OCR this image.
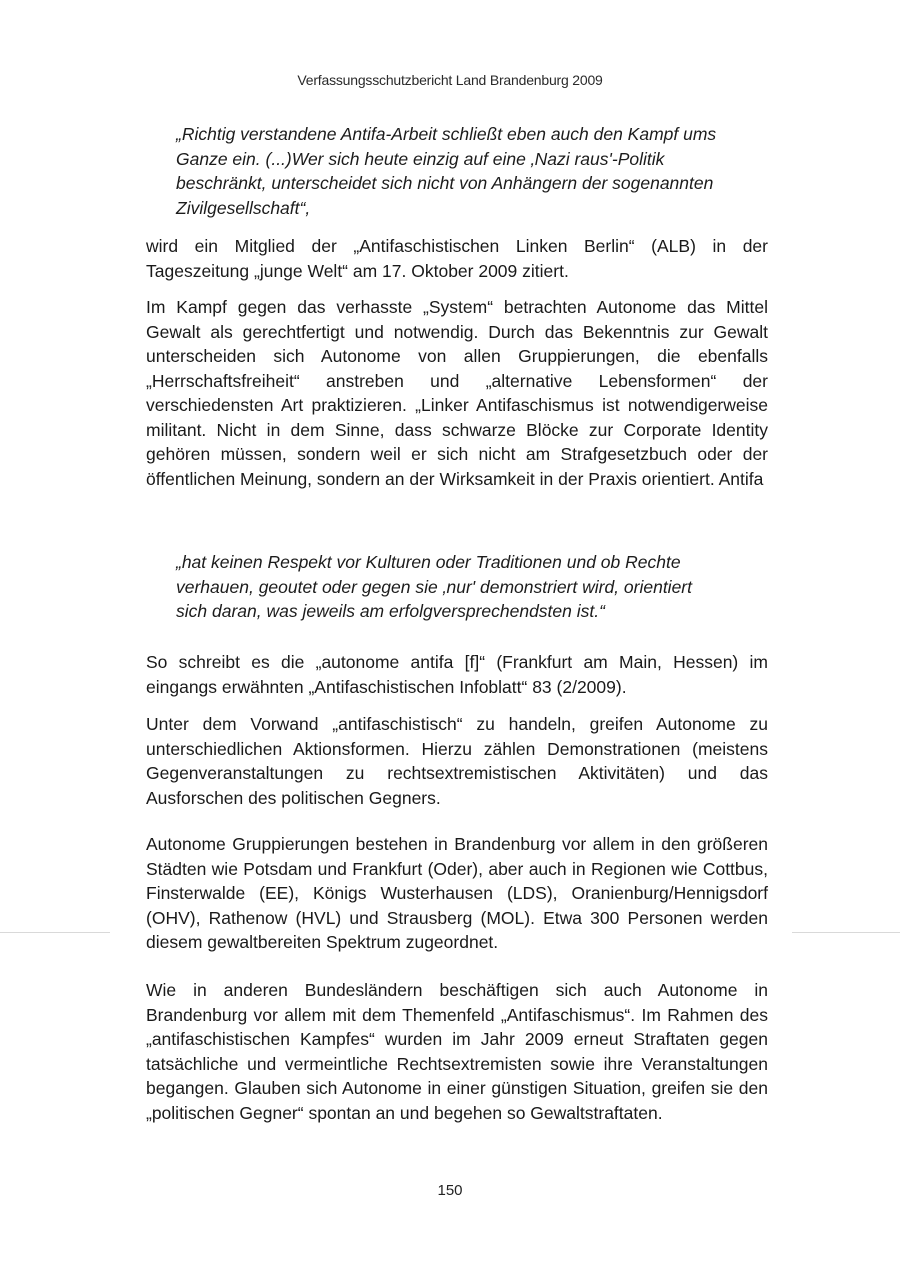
Verfassungsschutzbericht Land Brandenburg 2009
„Richtig verstandene Antifa-Arbeit schließt eben auch den Kampf ums Ganze ein. (...)Wer sich heute einzig auf eine ‚Nazi raus'-Politik beschränkt, unterscheidet sich nicht von Anhängern der sogenannten Zivilgesellschaft“,
wird ein Mitglied der „Antifaschistischen Linken Berlin“ (ALB) in der Tageszeitung „junge Welt“ am 17. Oktober 2009 zitiert.
Im Kampf gegen das verhasste „System“ betrachten Autonome das Mittel Gewalt als gerechtfertigt und notwendig. Durch das Bekenntnis zur Gewalt unterscheiden sich Autonome von allen Gruppierungen, die ebenfalls „Herrschaftsfreiheit“ anstreben und „alternative Lebensformen“ der verschiedensten Art praktizieren. „Linker Antifaschismus ist notwendigerweise militant. Nicht in dem Sinne, dass schwarze Blöcke zur Corporate Identity gehören müssen, sondern weil er sich nicht am Strafgesetzbuch oder der öffentlichen Meinung, sondern an der Wirksamkeit in der Praxis orientiert. Antifa
„hat keinen Respekt vor Kulturen oder Traditionen und ob Rechte verhauen, geoutet oder gegen sie ‚nur' demonstriert wird, orientiert sich daran, was jeweils am erfolgversprechendsten ist.“
So schreibt es die „autonome antifa [f]“ (Frankfurt am Main, Hessen) im eingangs erwähnten „Antifaschistischen Infoblatt“ 83 (2/2009).
Unter dem Vorwand „antifaschistisch“ zu handeln, greifen Autonome zu unterschiedlichen Aktionsformen. Hierzu zählen Demonstrationen (meistens Gegenveranstaltungen zu rechtsextremistischen Aktivitäten) und das Ausforschen des politischen Gegners.
Autonome Gruppierungen bestehen in Brandenburg vor allem in den größeren Städten wie Potsdam und Frankfurt (Oder), aber auch in Regionen wie Cottbus, Finsterwalde (EE), Königs Wusterhausen (LDS), Oranienburg/Hennigsdorf (OHV), Rathenow (HVL) und Strausberg (MOL). Etwa 300 Personen werden diesem gewaltbereiten Spektrum zugeordnet.
Wie in anderen Bundesländern beschäftigen sich auch Autonome in Brandenburg vor allem mit dem Themenfeld „Antifaschismus“. Im Rahmen des „antifaschistischen Kampfes“ wurden im Jahr 2009 erneut Straftaten gegen tatsächliche und vermeintliche Rechtsextremisten sowie ihre Veranstaltungen begangen. Glauben sich Autonome in einer günstigen Situation, greifen sie den „politischen Gegner“ spontan an und begehen so Gewaltstraftaten.
150
